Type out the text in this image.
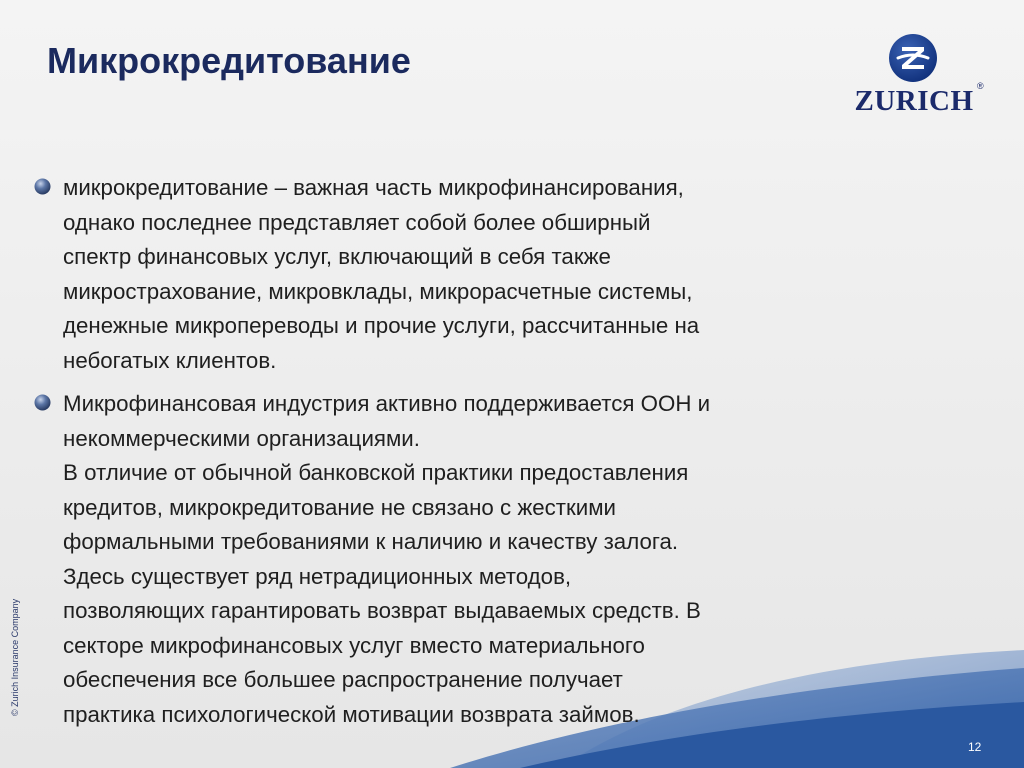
Микрокредитование
ZURICH ®

микрокредитование – важная часть микрофинансирования,
однако последнее представляет собой более обширный
спектр финансовых услуг, включающий в себя также
микрострахование, микровклады, микрорасчетные системы,
денежные микропереводы и прочие услуги, рассчитанные на
небогатых клиентов.

Микрофинансовая индустрия активно поддерживается ООН и
некоммерческими организациями.
В отличие от обычной банковской практики предоставления
кредитов, микрокредитование не связано с жесткими
формальными требованиями к наличию и качеству залога.
Здесь существует ряд нетрадиционных методов,
позволяющих гарантировать возврат выдаваемых средств. В
секторе микрофинансовых услуг вместо материального
обеспечения все большее распространение получает
практика психологической мотивации возврата займов.

© Zurich Insurance Company
12
